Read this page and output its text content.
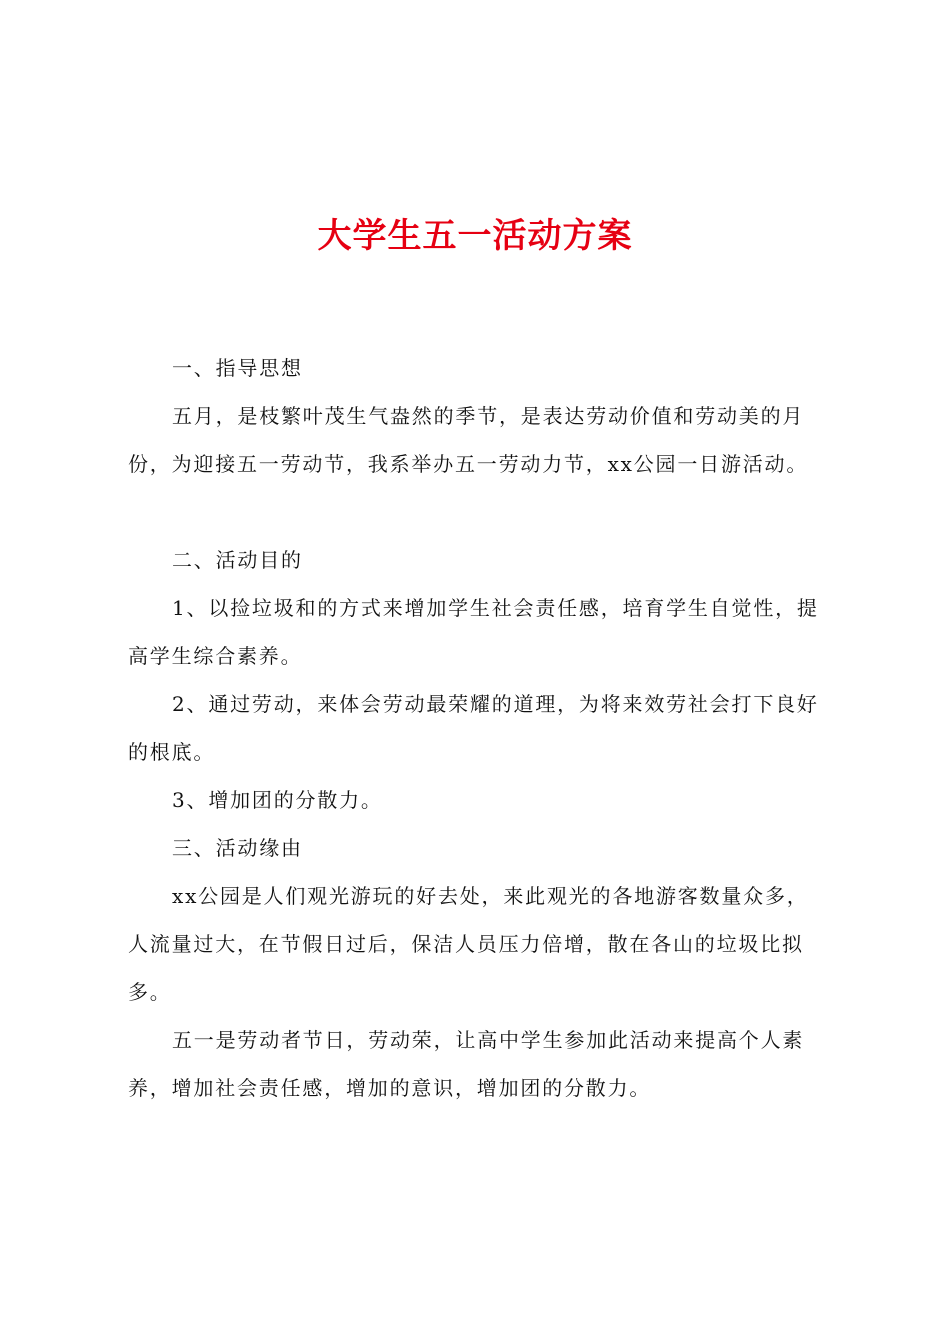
大学生五一活动方案

一、指导思想

五月，是枝繁叶茂生气盎然的季节，是表达劳动价值和劳动美的月份，为迎接五一劳动节，我系举办五一劳动力节，xx公园一日游活动。

二、活动目的

1、以捡垃圾和的方式来增加学生社会责任感，培育学生自觉性，提高学生综合素养。

2、通过劳动，来体会劳动最荣耀的道理，为将来效劳社会打下良好的根底。

3、增加团的分散力。

三、活动缘由

xx公园是人们观光游玩的好去处，来此观光的各地游客数量众多，人流量过大，在节假日过后，保洁人员压力倍增，散在各山的垃圾比拟多。

五一是劳动者节日，劳动荣，让高中学生参加此活动来提高个人素养，增加社会责任感，增加的意识，增加团的分散力。
